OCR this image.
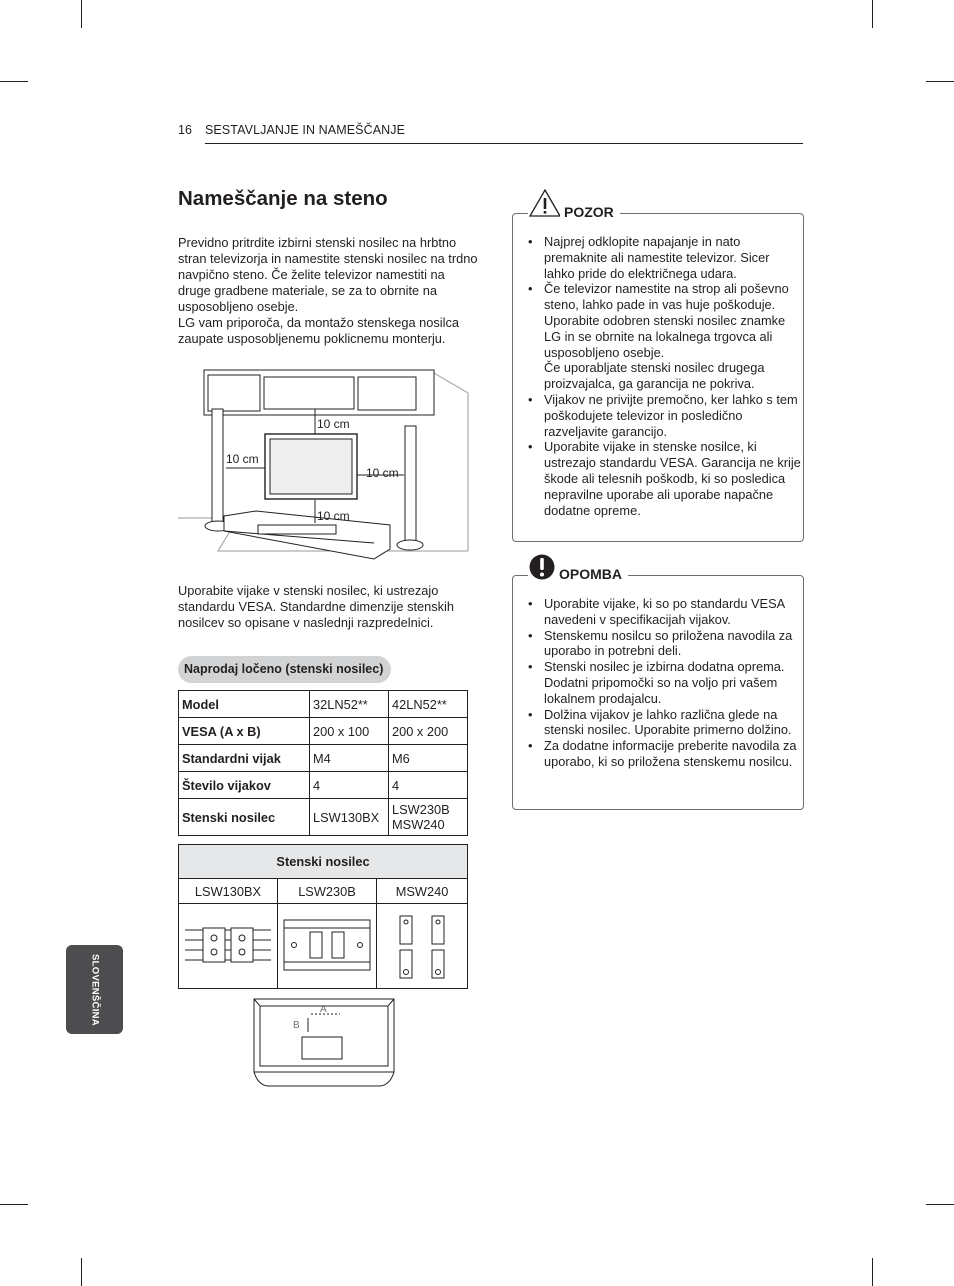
16 SESTAVLJANJE IN NAMEŠČANJE
SLOVENŠČINA
Nameščanje na steno

Previdno pritrdite izbirni stenski nosilec na hrbtno stran televizorja in namestite stenski nosilec na trdno navpično steno. Če želite televizor namestiti na druge gradbene materiale, se za to obrnite na usposobljeno osebje.
LG vam priporoča, da montažo stenskega nosilca zaupate usposobljenemu poklicnemu monterju.

10 cm
10 cm
10 cm
10 cm

Uporabite vijake v stenski nosilec, ki ustrezajo standardu VESA. Standardne dimenzije stenskih nosilcev so opisane v naslednji razpredelnici.

Naprodaj ločeno (stenski nosilec)
Model	32LN52**	42LN52**
VESA (A x B)	200 x 100	200 x 200
Standardni vijak	M4	M6
Število vijakov	4	4
Stenski nosilec	LSW130BX	LSW230B
MSW240
Stenski nosilec		
LSW130BX	LSW230B	MSW240

A
B
POZOR
• Najprej odklopite napajanje in nato premaknite ali namestite televizor. Sicer lahko pride do električnega udara.
• Če televizor namestite na strop ali poševno steno, lahko pade in vas huje poškoduje.
Uporabite odobren stenski nosilec znamke LG in se obrnite na lokalnega trgovca ali usposobljeno osebje.
Če uporabljate stenski nosilec drugega proizvajalca, ga garancija ne pokriva.
• Vijakov ne privijte premočno, ker lahko s tem poškodujete televizor in posledično razveljavite garancijo.
• Uporabite vijake in stenske nosilce, ki ustrezajo standardu VESA. Garancija ne krije škode ali telesnih poškodb, ki so posledica nepravilne uporabe ali uporabe napačne dodatne opreme.
OPOMBA
• Uporabite vijake, ki so po standardu VESA navedeni v specifikacijah vijakov.
• Stenskemu nosilcu so priložena navodila za uporabo in potrebni deli.
• Stenski nosilec je izbirna dodatna oprema. Dodatni pripomočki so na voljo pri vašem lokalnem prodajalcu.
• Dolžina vijakov je lahko različna glede na stenski nosilec. Uporabite primerno dolžino.
• Za dodatne informacije preberite navodila za uporabo, ki so priložena stenskemu nosilcu.
